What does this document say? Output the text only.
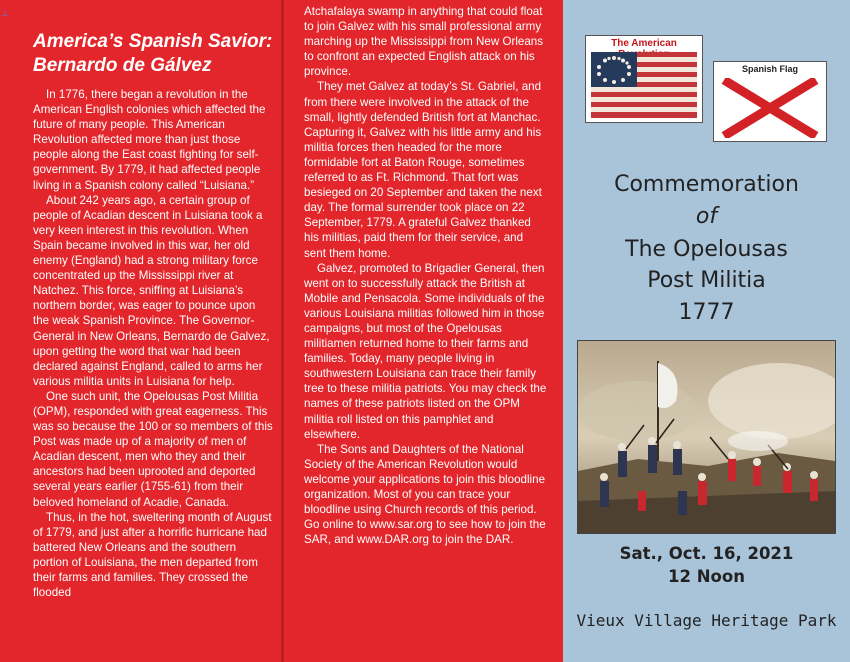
⊥
America’s Spanish Savior:
Bernardo de Gálvez

In 1776, there began a revolution in the American English colonies which affected the future of many people. This American Revolution affected more than just those people along the East coast fighting for self-government. By 1779, it had affected people living in a Spanish colony called “Luisiana.”

About 242 years ago, a certain group of people of Acadian descent in Luisiana took a very keen interest in this revolution. When Spain became involved in this war, her old enemy (England) had a strong military force concentrated up the Mississippi river at Natchez. This force, sniffing at Luisiana’s northern border, was eager to pounce upon the weak Spanish Province. The Governor-General in New Orleans, Bernardo de Galvez, upon getting the word that war had been declared against England, called to arms her various militia units in Luisiana for help.

One such unit, the Opelousas Post Militia (OPM), responded with great eagerness. This was so because the 100 or so members of this Post was made up of a majority of men of Acadian descent, men who they and their ancestors had been uprooted and deported several years earlier (1755-61) from their beloved homeland of Acadie, Canada.

Thus, in the hot, sweltering month of August of 1779, and just after a horrific hurricane had battered New Orleans and the southern portion of Louisiana, the men departed from their farms and families. They crossed the flooded

Atchafalaya swamp in anything that could float to join Galvez with his small professional army marching up the Mississippi from New Orleans to confront an expected English attack on his province.

They met Galvez at today’s St. Gabriel, and from there were involved in the attack of the small, lightly defended British fort at Manchac. Capturing it, Galvez with his little army and his militia forces then headed for the more formidable fort at Baton Rouge, sometimes referred to as Ft. Richmond. That fort was besieged on 20 September and taken the next day. The formal surrender took place on 22 September, 1779. A grateful Galvez thanked his militias, paid them for their service, and sent them home.

Galvez, promoted to Brigadier General, then went on to successfully attack the British at Mobile and Pensacola. Some individuals of the various Louisiana militias followed him in those campaigns, but most of the Opelousas militiamen returned home to their farms and families. Today, many people living in southwestern Louisiana can trace their family tree to these militia patriots. You may check the names of these patriots listed on the OPM militia roll listed on this pamphlet and elsewhere.

The Sons and Daughters of the National Society of the American Revolution would welcome your applications to join this bloodline organization. Most of you can trace your bloodline using Church records of this period. Go online to www.sar.org to see how to join the SAR, and www.DAR.org to join the DAR.

The American
Spanish Flag
Commemoration
of
The Opelousas
Post Militia
1777
Sat., Oct. 16, 2021
12 Noon
Vieux Village Heritage Park
